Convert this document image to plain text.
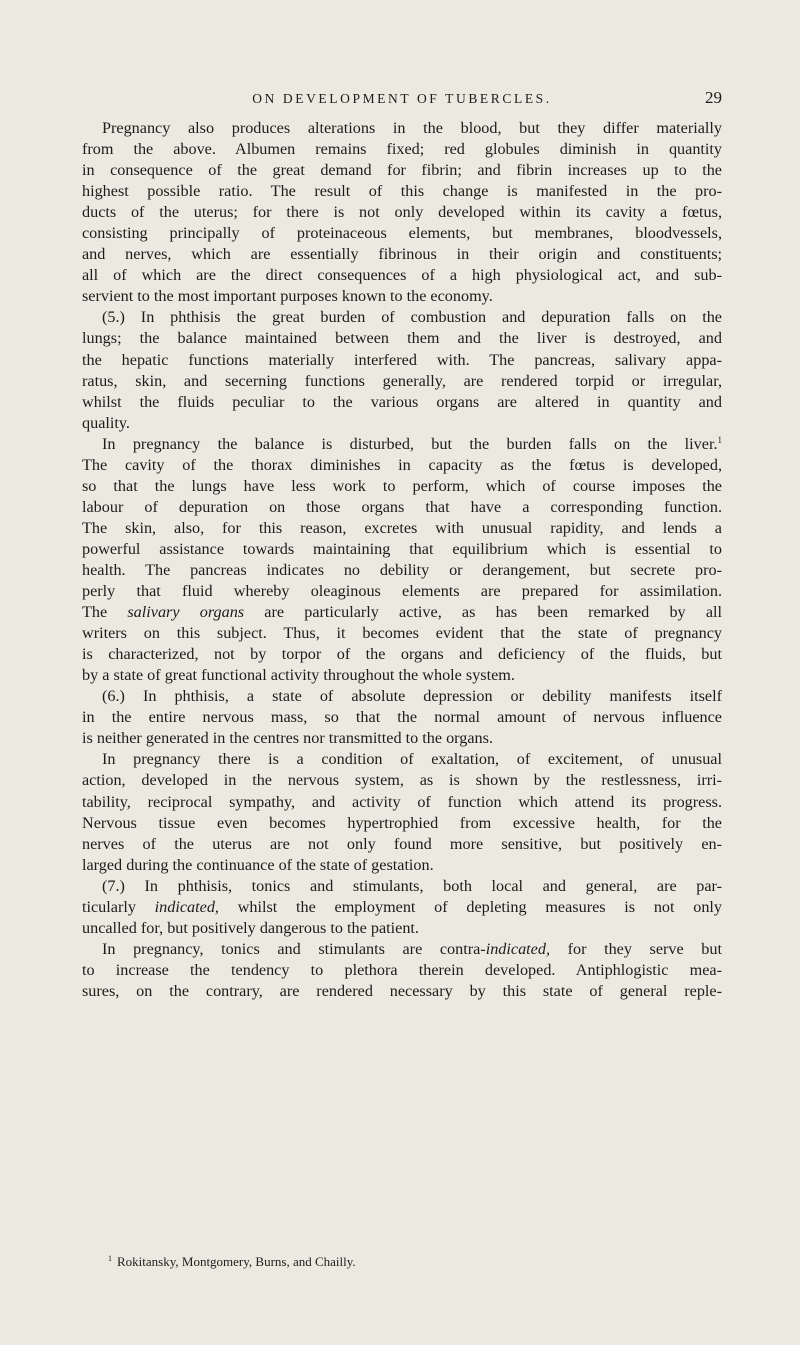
ON DEVELOPMENT OF TUBERCLES.	29
Pregnancy also produces alterations in the blood, but they differ materially
from the above. Albumen remains fixed; red globules diminish in quantity
in consequence of the great demand for fibrin; and fibrin increases up to the
highest possible ratio. The result of this change is manifested in the pro-
ducts of the uterus; for there is not only developed within its cavity a fœtus,
consisting principally of proteinaceous elements, but membranes, bloodvessels,
and nerves, which are essentially fibrinous in their origin and constituents;
all of which are the direct consequences of a high physiological act, and sub-
servient to the most important purposes known to the economy.
(5.) In phthisis the great burden of combustion and depuration falls on the
lungs; the balance maintained between them and the liver is destroyed, and
the hepatic functions materially interfered with. The pancreas, salivary appa-
ratus, skin, and secerning functions generally, are rendered torpid or irregular,
whilst the fluids peculiar to the various organs are altered in quantity and
quality.
In pregnancy the balance is disturbed, but the burden falls on the liver.$^1$
The cavity of the thorax diminishes in capacity as the fœtus is developed,
so that the lungs have less work to perform, which of course imposes the
labour of depuration on those organs that have a corresponding function.
The skin, also, for this reason, excretes with unusual rapidity, and lends a
powerful assistance towards maintaining that equilibrium which is essential to
health. The pancreas indicates no debility or derangement, but secrete pro-
perly that fluid whereby oleaginous elements are prepared for assimilation.
The salivary organs are particularly active, as has been remarked by all
writers on this subject. Thus, it becomes evident that the state of pregnancy
is characterized, not by torpor of the organs and deficiency of the fluids, but
by a state of great functional activity throughout the whole system.
(6.) In phthisis, a state of absolute depression or debility manifests itself
in the entire nervous mass, so that the normal amount of nervous influence
is neither generated in the centres nor transmitted to the organs.
In pregnancy there is a condition of exaltation, of excitement, of unusual
action, developed in the nervous system, as is shown by the restlessness, irri-
tability, reciprocal sympathy, and activity of function which attend its progress.
Nervous tissue even becomes hypertrophied from excessive health, for the
nerves of the uterus are not only found more sensitive, but positively en-
larged during the continuance of the state of gestation.
(7.) In phthisis, tonics and stimulants, both local and general, are par-
ticularly indicated, whilst the employment of depleting measures is not only
uncalled for, but positively dangerous to the patient.
In pregnancy, tonics and stimulants are contra-indicated, for they serve but
to increase the tendency to plethora therein developed. Antiphlogistic mea-
sures, on the contrary, are rendered necessary by this state of general reple-
$^1$ Rokitansky, Montgomery, Burns, and Chailly.
